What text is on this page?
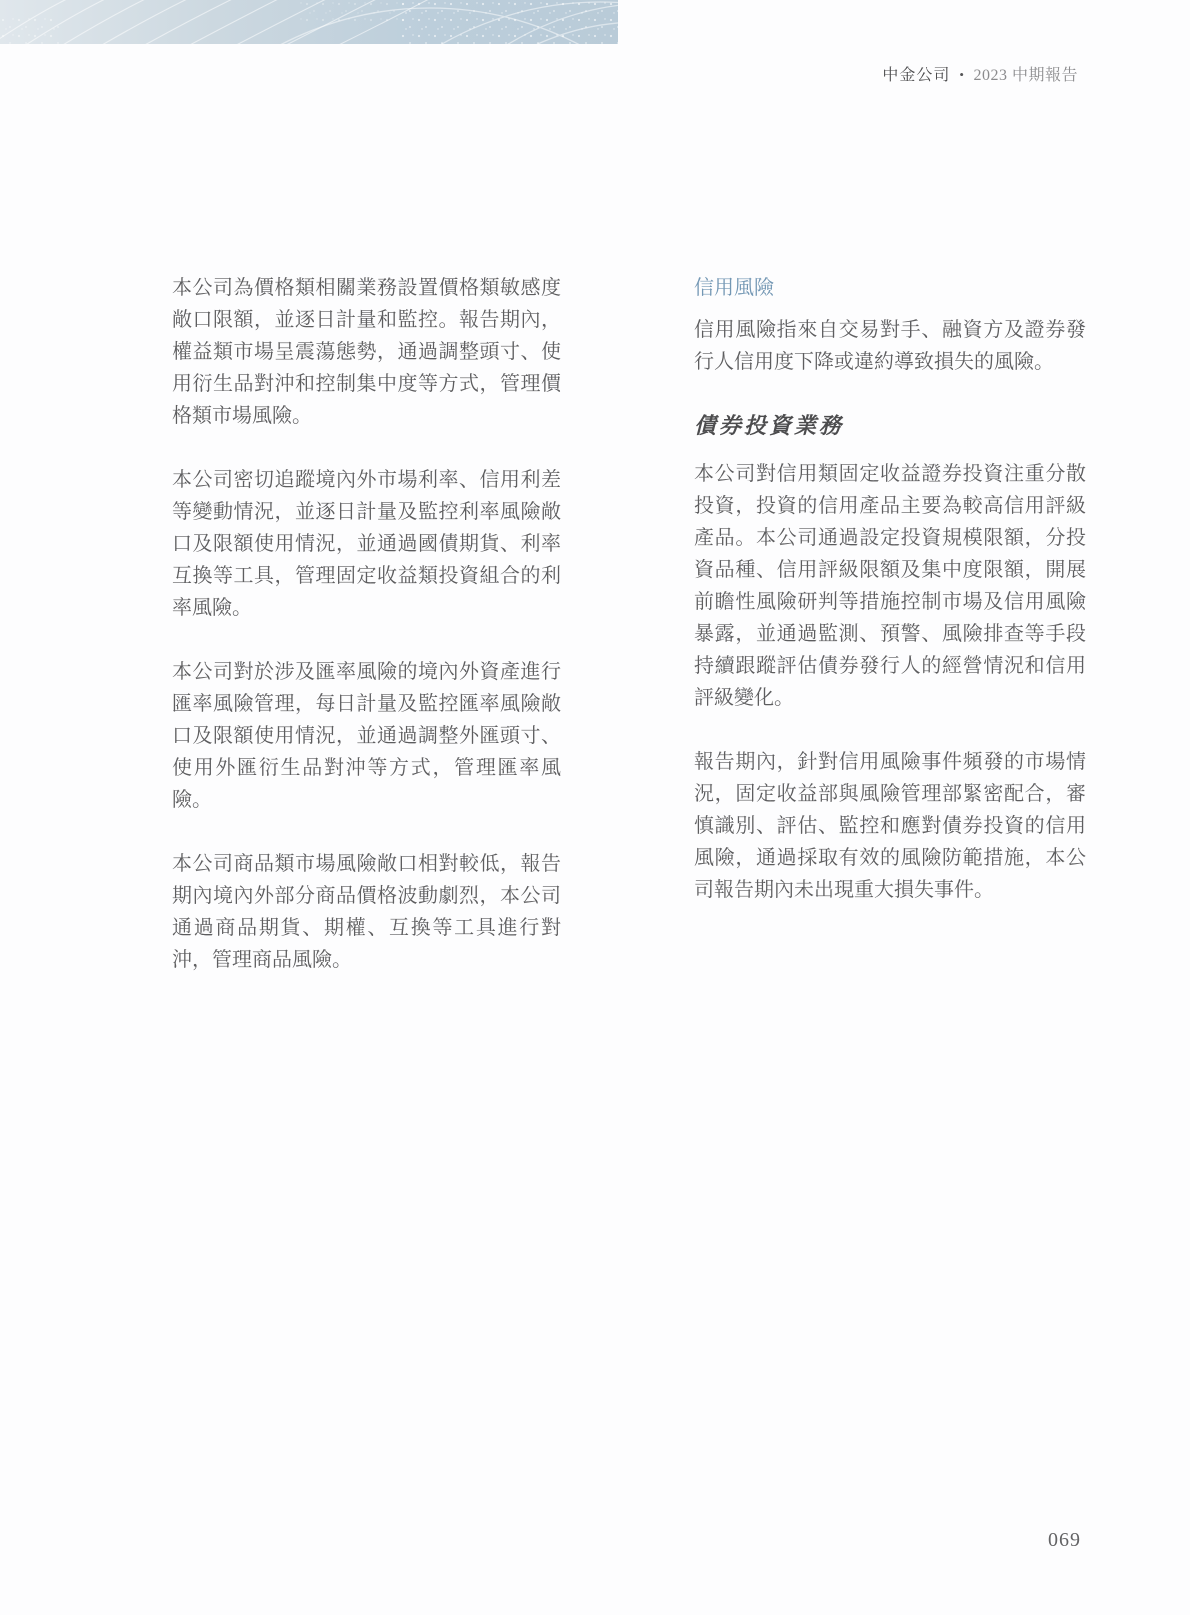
中金公司 • 2023 中期報告

本公司為價格類相關業務設置價格類敏感度敞口限額，並逐日計量和監控。報告期內，權益類市場呈震蕩態勢，通過調整頭寸、使用衍生品對沖和控制集中度等方式，管理價格類市場風險。

本公司密切追蹤境內外市場利率、信用利差等變動情況，並逐日計量及監控利率風險敞口及限額使用情況，並通過國債期貨、利率互換等工具，管理固定收益類投資組合的利率風險。

本公司對於涉及匯率風險的境內外資產進行匯率風險管理，每日計量及監控匯率風險敞口及限額使用情況，並通過調整外匯頭寸、使用外匯衍生品對沖等方式，管理匯率風險。

本公司商品類市場風險敞口相對較低，報告期內境內外部分商品價格波動劇烈，本公司通過商品期貨、期權、互換等工具進行對沖，管理商品風險。

信用風險

信用風險指來自交易對手、融資方及證券發行人信用度下降或違約導致損失的風險。

債券投資業務

本公司對信用類固定收益證券投資注重分散投資，投資的信用產品主要為較高信用評級產品。本公司通過設定投資規模限額，分投資品種、信用評級限額及集中度限額，開展前瞻性風險研判等措施控制市場及信用風險暴露，並通過監測、預警、風險排查等手段持續跟蹤評估債券發行人的經營情況和信用評級變化。

報告期內，針對信用風險事件頻發的市場情況，固定收益部與風險管理部緊密配合，審慎識別、評估、監控和應對債券投資的信用風險，通過採取有效的風險防範措施，本公司報告期內未出現重大損失事件。

069
